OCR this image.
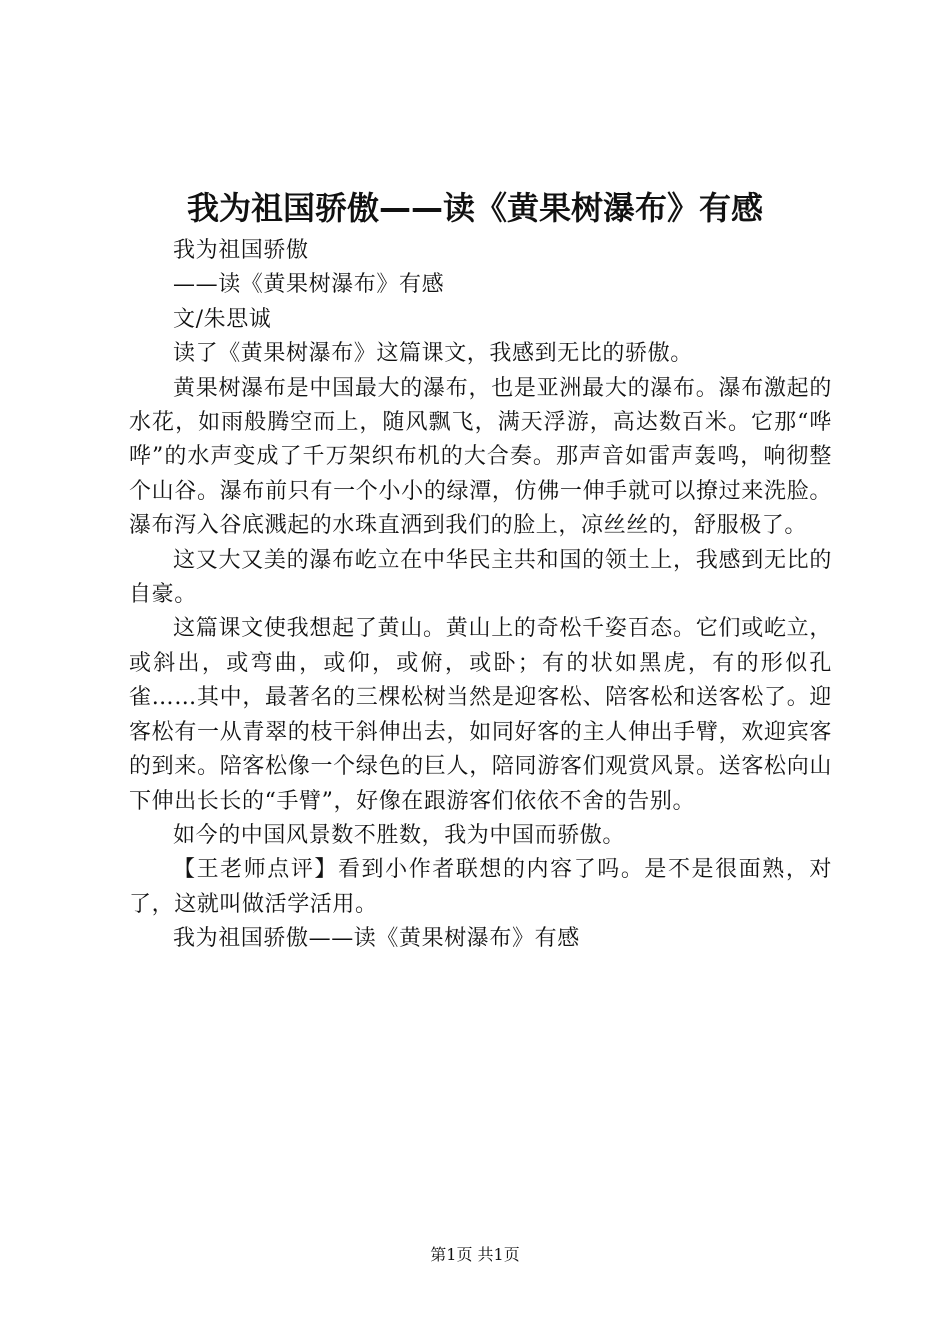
我为祖国骄傲——读《黄果树瀑布》有感

我为祖国骄傲

——读《黄果树瀑布》有感

文/朱思诚

读了《黄果树瀑布》这篇课文，我感到无比的骄傲。

黄果树瀑布是中国最大的瀑布，也是亚洲最大的瀑布。瀑布激起的水花，如雨般腾空而上，随风飘飞，满天浮游，高达数百米。它那“哗哗”的水声变成了千万架织布机的大合奏。那声音如雷声轰鸣，响彻整个山谷。瀑布前只有一个小小的绿潭，仿佛一伸手就可以撩过来洗脸。瀑布泻入谷底溅起的水珠直洒到我们的脸上，凉丝丝的，舒服极了。

这又大又美的瀑布屹立在中华民主共和国的领土上，我感到无比的自豪。

这篇课文使我想起了黄山。黄山上的奇松千姿百态。它们或屹立，或斜出，或弯曲，或仰，或俯，或卧；有的状如黑虎，有的形似孔雀……其中，最著名的三棵松树当然是迎客松、陪客松和送客松了。迎客松有一从青翠的枝干斜伸出去，如同好客的主人伸出手臂，欢迎宾客的到来。陪客松像一个绿色的巨人，陪同游客们观赏风景。送客松向山下伸出长长的“手臂”，好像在跟游客们依依不舍的告别。

如今的中国风景数不胜数，我为中国而骄傲。

【王老师点评】看到小作者联想的内容了吗。是不是很面熟，对了，这就叫做活学活用。

我为祖国骄傲——读《黄果树瀑布》有感

第1页 共1页
